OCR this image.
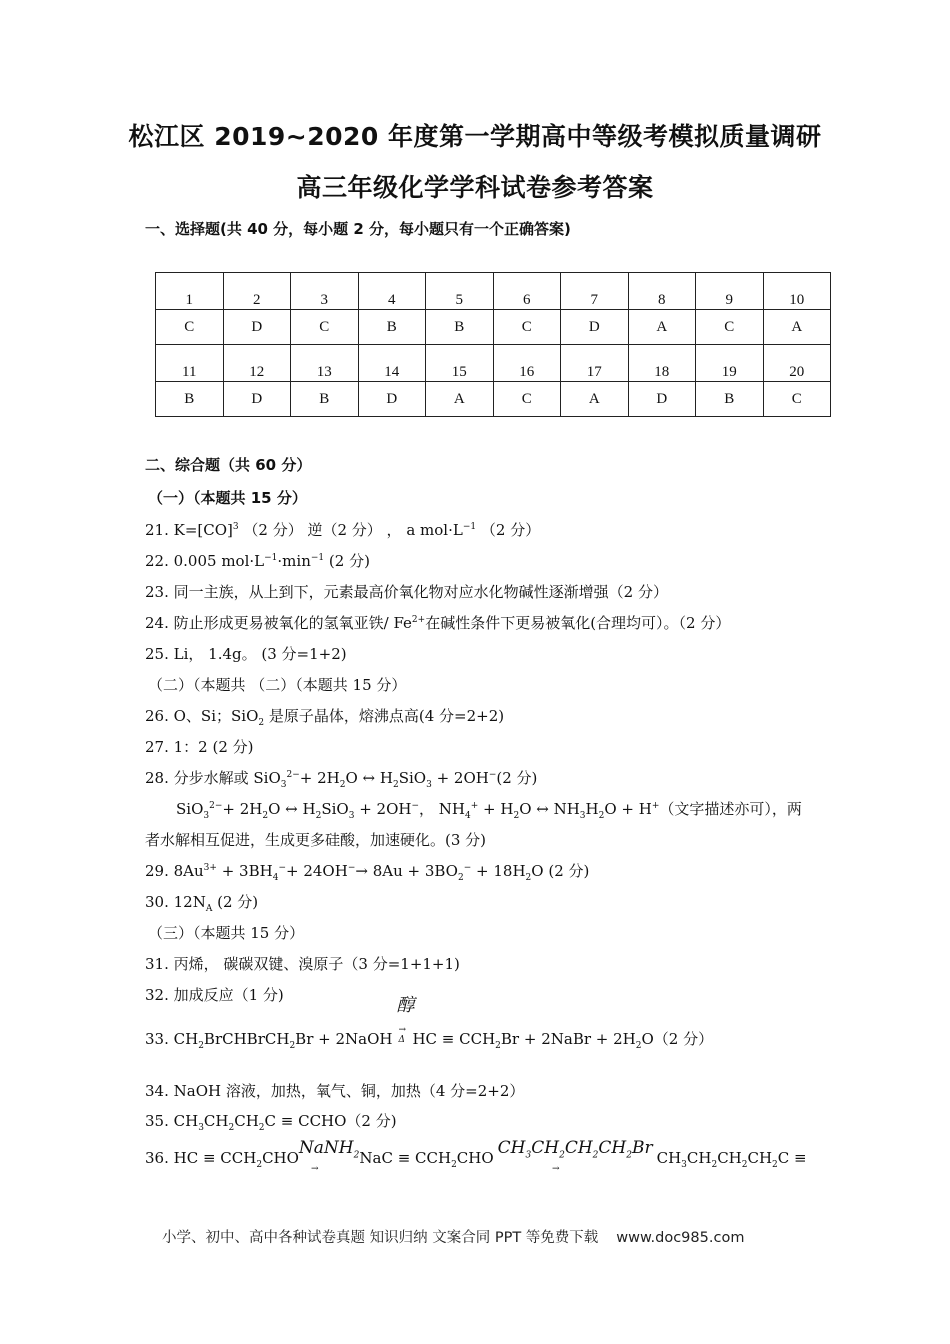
松江区 2019~2020 年度第一学期高中等级考模拟质量调研
高三年级化学学科试卷参考答案
一、选择题(共 40 分，每小题 2 分，每小题只有一个正确答案)
1	2	3	4	5	6	7	8	9	10
C	D	C	B	B	C	D	A	C	A
11	12	13	14	15	16	17	18	19	20
B	D	B	D	A	C	A	D	B	C
二、综合题（共 60 分）
（一）（本题共 15 分）
21. K=[CO]$^3$ （2 分） 逆（2 分） ， a $mol\cdot L^{-1}$ （2 分）
22. 0.005 $mol\cdot L^{-1}\cdot\min^{-1}$ (2 分)
23. 同一主族，从上到下，元素最高价氧化物对应水化物碱性逐渐增强（2 分）
24. 防止形成更易被氧化的氢氧亚铁/ $Fe^{2+}$在碱性条件下更易被氧化(合理均可）。（2 分）
25. Li， 1.4g。 (3 分=1+2)
（二）（本题共 （二）（本题共 15 分）
26. O、Si；SiO$_2$ 是原子晶体，熔沸点高(4 分=2+2)
27. 1：2 (2 分)
28. 分步水解或 $SiO_3^{2-}+ 2H_2O$ ↔ $H_2SiO_3 + 2OH^-(2$ 分)
$SiO_3^{2-}+ 2H_2O$ ↔ $H_2SiO_3 + 2OH^-$， $NH_4^+ + H_2O$ ↔ $NH_3H_2O + H^+$（文字描述亦可），两
者水解相互促进，生成更多硅酸，加速硬化。(3 分)
29. $8Au^{3+} + 3BH_4^-+ 24OH^-\to 8Au + 3BO_2^- + 18H_2O$ (2 分)
30. $12N_A$ (2 分)
（三）（本题共 15 分）
31. 丙烯， 碳碳双键、溴原子（3 分=1+1+1)
32. 加成反应（1 分)
33. $CH_2BrCHBrCH_2Br$ + 2NaOH
醇
→
Δ HC ≡ $CCH_2Br$ + 2NaBr + $2H_2O(2$ 分）
34. NaOH 溶液，加热，氧气、铜，加热（4 分=2+2）
35. $CH_3CH_2CH_2C$ ≡ CCHO（2 分)
36. HC ≡ $CCH_2CHONaNH_2NaC \equiv CCH_2CHO$ $CH_3CH_2CH_2CH_2Br$ $CH_3CH_2CH_2CH_2C$ ≡
→	→
小学、初中、高中各种试卷真题 知识归纳 文案合同 PPT 等免费下载 www.doc985.com
